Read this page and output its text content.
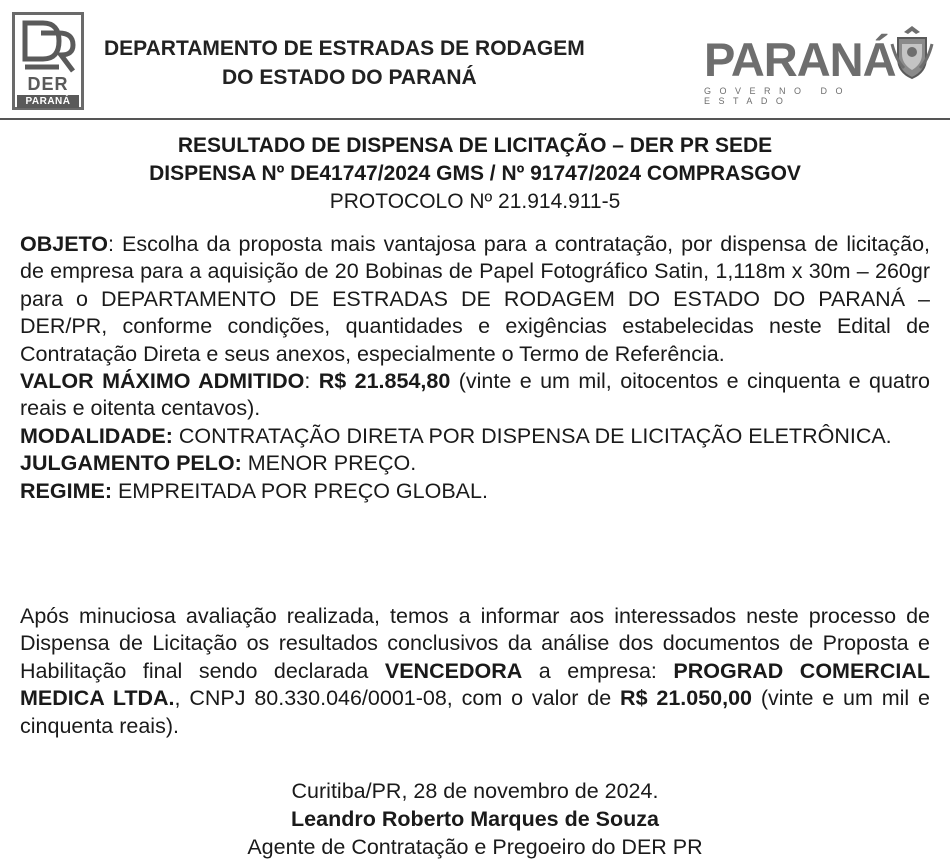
DER
PARANÁ
DEPARTAMENTO DE ESTRADAS DE RODAGEM
DO ESTADO DO PARANÁ	PARANÁ
GOVERNO DO ESTADO
RESULTADO DE DISPENSA DE LICITAÇÃO – DER PR SEDE
DISPENSA Nº DE41747/2024 GMS / Nº 91747/2024 COMPRASGOV
PROTOCOLO Nº 21.914.911-5
OBJETO: Escolha da proposta mais vantajosa para a contratação, por dispensa de licitação, de empresa para a aquisição de 20 Bobinas de Papel Fotográfico Satin, 1,118m x 30m – 260gr para o DEPARTAMENTO DE ESTRADAS DE RODAGEM DO ESTADO DO PARANÁ – DER/PR, conforme condições, quantidades e exigências estabelecidas neste Edital de Contratação Direta e seus anexos, especialmente o Termo de Referência.
VALOR MÁXIMO ADMITIDO: R$ 21.854,80 (vinte e um mil, oitocentos e cinquenta e quatro reais e oitenta centavos).
MODALIDADE: CONTRATAÇÃO DIRETA POR DISPENSA DE LICITAÇÃO ELETRÔNICA.
JULGAMENTO PELO: MENOR PREÇO.
REGIME: EMPREITADA POR PREÇO GLOBAL.
Após minuciosa avaliação realizada, temos a informar aos interessados neste processo de Dispensa de Licitação os resultados conclusivos da análise dos documentos de Proposta e Habilitação final sendo declarada VENCEDORA a empresa: PROGRAD COMERCIAL MEDICA LTDA., CNPJ 80.330.046/0001-08, com o valor de R$ 21.050,00 (vinte e um mil e cinquenta reais).
Curitiba/PR, 28 de novembro de 2024.
Leandro Roberto Marques de Souza
Agente de Contratação e Pregoeiro do DER PR
